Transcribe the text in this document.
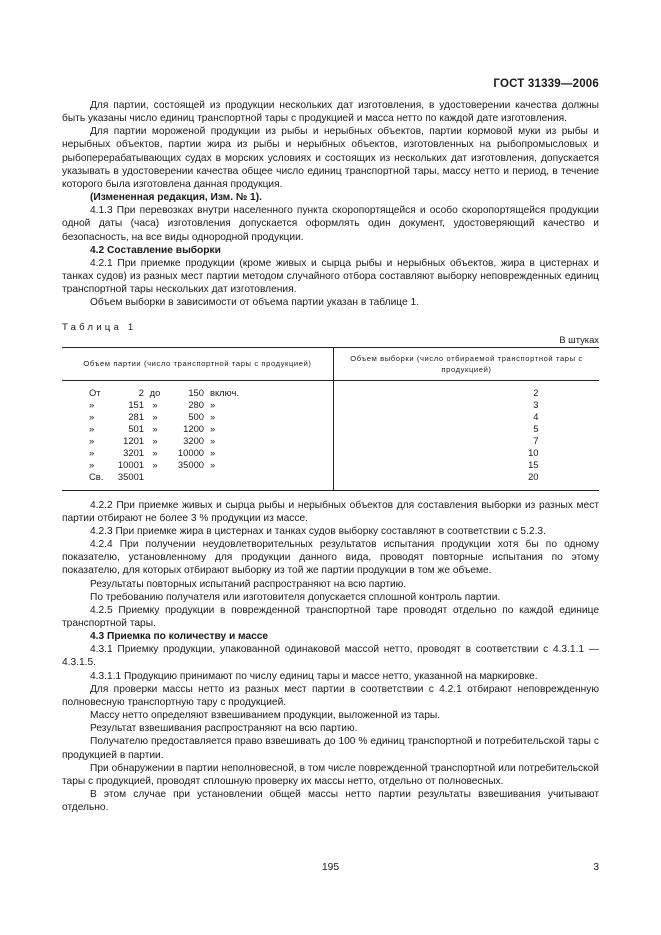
ГОСТ 31339—2006

Для партии, состоящей из продукции нескольких дат изготовления, в удостоверении качества должны быть указаны число единиц транспортной тары с продукцией и масса нетто по каждой дате изготовления.

Для партии мороженой продукции из рыбы и нерыбных объектов, партии кормовой муки из рыбы и нерыбных объектов, партии жира из рыбы и нерыбных объектов, изготовленных на рыбопромысловых и рыбоперерабатывающих судах в морских условиях и состоящих из нескольких дат изготовления, допускается указывать в удостоверении качества общее число единиц транспортной тары, массу нетто и период, в течение которого была изготовлена данная продукция.

(Измененная редакция, Изм. № 1).

4.1.3 При перевозках внутри населенного пункта скоропортящейся и особо скоропортящейся продукции одной даты (часа) изготовления допускается оформлять один документ, удостоверяющий качество и безопасность, на все виды однородной продукции.

4.2 Составление выборки

4.2.1 При приемке продукции (кроме живых и сырца рыбы и нерыбных объектов, жира в цистернах и танках судов) из разных мест партии методом случайного отбора составляют выборку неповрежденных единиц транспортной тары нескольких дат изготовления.

Объем выборки в зависимости от объема партии указан в таблице 1.

Таблица 1
В штуках
Объем партии (число транспортной тары с продукцией)	Объем выборки (число отбираемой транспортной тары с продукцией)
От 2 до 150 включ.	2
» 151 » 280 »	3
» 281 » 500 »	4
» 501 » 1200 »	5
» 1201 » 3200 »	7
» 3201 » 10000 »	10
» 10001 » 35000 »	15
Св. 35001	20

4.2.2 При приемке живых и сырца рыбы и нерыбных объектов для составления выборки из разных мест партии отбирают не более 3 % продукции из массе.

4.2.3 При приемке жира в цистернах и танках судов выборку составляют в соответствии с 5.2.3.

4.2.4 При получении неудовлетворительных результатов испытания продукции хотя бы по одному показателю, установленному для продукции данного вида, проводят повторные испытания по этому показателю, для которых отбирают выборку из той же партии продукции в том же объеме.

Результаты повторных испытаний распространяют на всю партию.

По требованию получателя или изготовителя допускается сплошной контроль партии.

4.2.5 Приемку продукции в поврежденной транспортной таре проводят отдельно по каждой единице транспортной тары.

4.3 Приемка по количеству и массе

4.3.1 Приемку продукции, упакованной одинаковой массой нетто, проводят в соответствии с 4.3.1.1 — 4.3.1.5.

4.3.1.1 Продукцию принимают по числу единиц тары и массе нетто, указанной на маркировке.

Для проверки массы нетто из разных мест партии в соответствии с 4.2.1 отбирают неповрежденную полновесную транспортную тару с продукцией.

Массу нетто определяют взвешиванием продукции, выложенной из тары.

Результат взвешивания распространяют на всю партию.

Получателю предоставляется право взвешивать до 100 % единиц транспортной и потребительской тары с продукцией в партии.

При обнаружении в партии неполновесной, в том числе поврежденной транспортной или потребительской тары с продукцией, проводят сплошную проверку их массы нетто, отдельно от полновесных.

В этом случае при установлении общей массы нетто партии результаты взвешивания учитывают отдельно.

195	3
